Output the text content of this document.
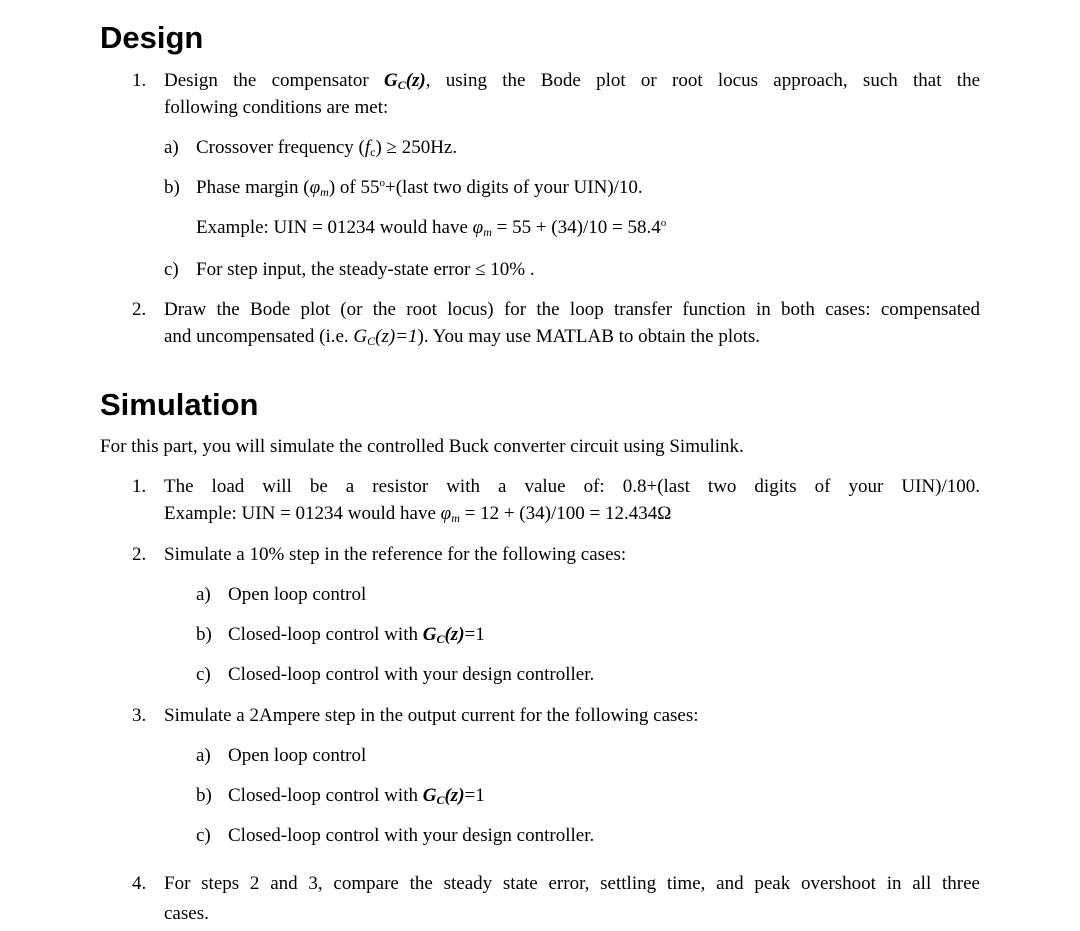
Design
1. Design the compensator $G_C(z)$, using the Bode plot or root locus approach, such that the
following conditions are met:
a) Crossover frequency $(f_c) \ge 250Hz$.
b) Phase margin $(\varphi_m)$ of $55^o+(last$ two digits of your UIN)/10.
Example: UIN = 01234 would have $\varphi_m = 55 + (34)/10 = 58.4^o$
c) For step input, the steady-state error ≤ 10% .
2. Draw the Bode plot (or the root locus) for the loop transfer function in both cases: compensated
and uncompensated (i.e. $G_C(z)=1$). You may use MATLAB to obtain the plots.
Simulation
For this part, you will simulate the controlled Buck converter circuit using Simulink.
1. The load will be a resistor with a value of: 0.8+(last two digits of your UIN)/100.
Example: UIN = 01234 would have $\varphi_m = 12 + (34)/100 = 12.434\Omega$
2. Simulate a 10% step in the reference for the following cases:
a) Open loop control
b) Closed-loop control with $G_C(z)=1$
c) Closed-loop control with your design controller.
3. Simulate a 2Ampere step in the output current for the following cases:
a) Open loop control
b) Closed-loop control with $G_C(z)=1$
c) Closed-loop control with your design controller.
4. For steps 2 and 3, compare the steady state error, settling time, and peak overshoot in all three
cases.
